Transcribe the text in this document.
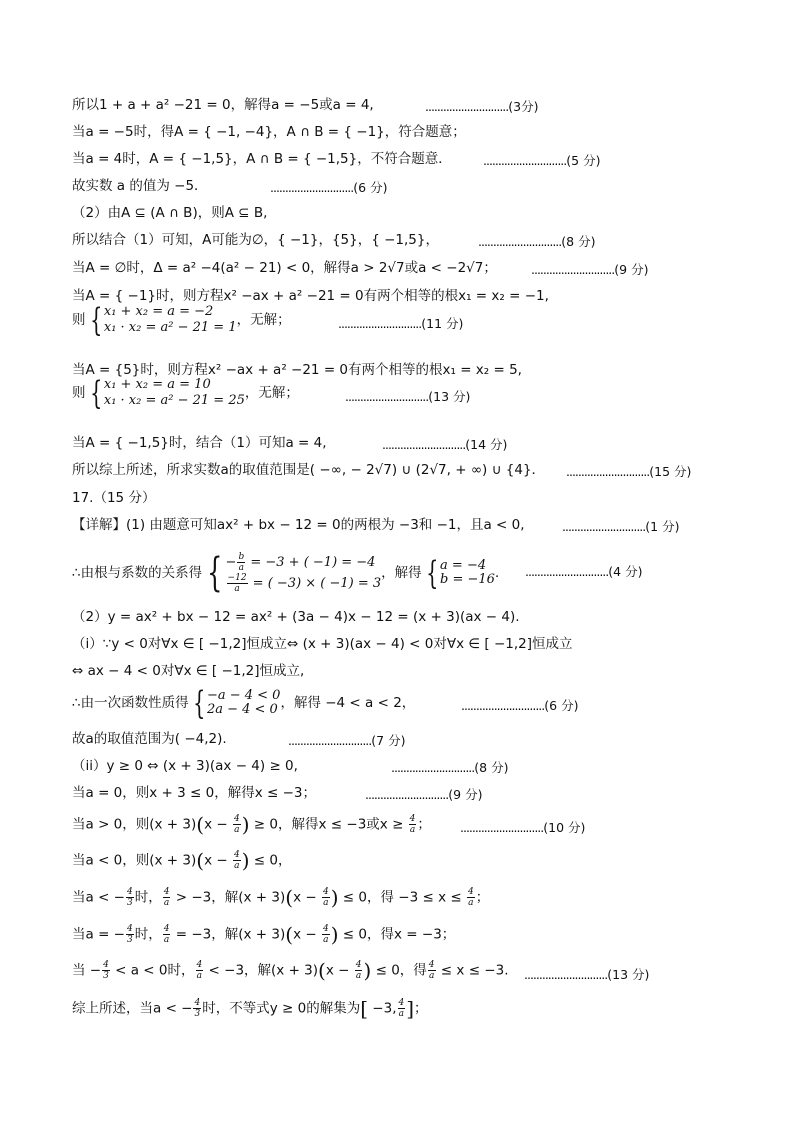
所以1 + a + a² −21 = 0，解得a = −5或a = 4,	............................(3分)
当a = −5时，得A = { −1, −4}，A ∩ B = { −1}，符合题意；
当a = 4时，A = { −1,5}，A ∩ B = { −1,5}，不符合题意．	............................(5 分)
故实数 a 的值为 −5．	............................(6 分)
（2）由A ⊆ (A ∩ B)，则A ⊆ B,
所以结合（1）可知，A可能为∅，{ −1}，{5}，{ −1,5}，	............................(8 分)
当A = ∅时，Δ = a² −4(a² − 21) < 0，解得a > 2√7或a < −2√7；	............................(9 分)
当A = { −1}时，则方程x² −ax + a² −21 = 0有两个相等的根x₁ = x₂ = −1,
当A = {5}时，则方程x² −ax + a² −21 = 0有两个相等的根x₁ = x₂ = 5,
当A = { −1,5}时，结合（1）可知a = 4,	............................(14 分)
所以综上所述，所求实数a的取值范围是( −∞, − 2√7) ∪ (2√7, + ∞) ∪ {4}． ............................(15 分)
17.（15 分）
【详解】(1) 由题意可知ax² + bx − 12 = 0的两根为 −3和 −1，且a < 0,	............................(1 分)
（2）y = ax² + bx − 12 = ax² + (3a − 4)x − 12 = (x + 3)(ax − 4).
（i）∵y < 0对∀x ∈ [ −1,2]恒成立⇔ (x + 3)(ax − 4) < 0对∀x ∈ [ −1,2]恒成立
⇔ ax − 4 < 0对∀x ∈ [ −1,2]恒成立,
故a的取值范围为( −4,2).	............................(7 分)
（ii）y ≥ 0 ⇔ (x + 3)(ax − 4) ≥ 0,	............................(8 分)
当a = 0，则x + 3 ≤ 0，解得x ≤ −3；	............................(9 分)
则 { x₁ + x₂ = a = −2
x₁ · x₂ = a² − 21 = 1 ，无解；	............................(11 分)
则 { x₁ + x₂ = a = 10
x₁ · x₂ = a² − 21 = 25 ，无解；	............................(13 分)
∴由根与系数的关系得 { − $\frac{b}{a} = -3$ + ( −1) = −4
$\frac{-12}{a}$ = ( −3) × ( −1) = 3
，解得 { a = −4
b = −16 ． ............................(4 分)
∴由一次函数性质得 { −a − 4 < 0
2a − 4 < 0 ，解得 −4 < a < 2，	............................(6 分)
当a > 0，则$(x + 3)(x - \frac{4}{a}$ ) ≥ 0，解得x ≤ −3或$x \ge \frac{4}{a}$ ； ............................(10 分)
当a < 0，则$(x + 3)(x - \frac{4}{a}$ ) ≤ 0，
当a < − $\frac{4}{3}$ 时， $\frac{4}{a} > -3$，解$(x + 3)(x - \frac{4}{a}$ ) ≤ 0，得 $-3 \le x \le \frac{4}{a}$ ；
当a = − $\frac{4}{3}$ 时， $\frac{4}{a} = -3$，解$(x + 3)(x - \frac{4}{a}$ ) ≤ 0，得x = −3；
当 − $\frac{4}{3} < a < 0$时， $\frac{4}{a} < -3$，解$(x + 3)(x - \frac{4}{a}$ ) ≤ 0，得 $\frac{4}{a} \le x \le -3$. ............................(13 分)
综上所述，当a < − $\frac{4}{3}$ 时，不等式y ≥ 0的解集为[ −3, $\frac{4}{a}$ ]；
